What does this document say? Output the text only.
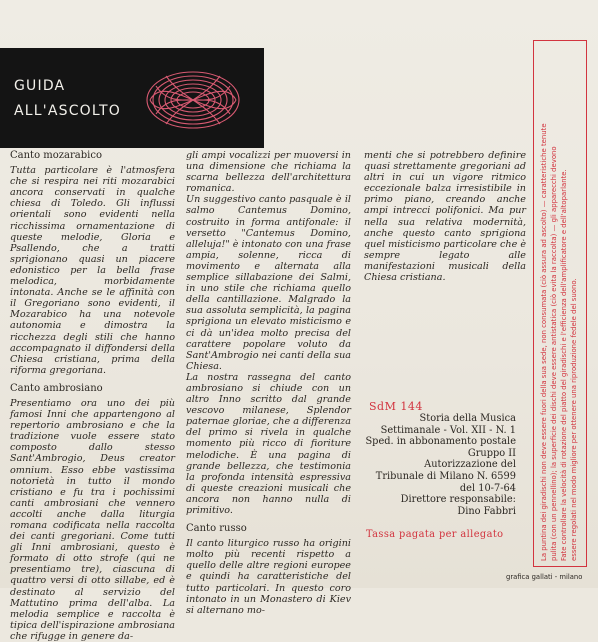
GUIDA
ALL'ASCOLTO
Canto mozarabico

Tutta particolare è l'atmosfera che si respira nei riti mozarabici ancora conservati in qualche chiesa di Toledo. Gli influssi orientali sono evidenti nella ricchissima ornamentazione di queste melodie, Gloria e Psallendo, che a tratti sprigionano quasi un piacere edonistico per la bella frase melodica, morbidamente intonata. Anche se le affinità con il Gregoriano sono evidenti, il Mozarabico ha una notevole autonomia e dimostra la ricchezza degli stili che hanno accompagnato il diffondersi della Chiesa cristiana, prima della riforma gregoriana.

Canto ambrosiano

Presentiamo ora uno dei più famosi Inni che appartengono al repertorio ambrosiano e che la tradizione vuole essere stato composto dallo stesso Sant'Ambrogio, Deus creator omnium. Esso ebbe vastissima notorietà in tutto il mondo cristiano e fu tra i pochissimi canti ambrosiani che vennero accolti anche dalla liturgia romana codificata nella raccolta dei canti gregoriani. Come tutti gli Inni ambrosiani, questo è formato di otto strofe (qui ne presentiamo tre), ciascuna di quattro versi di otto sillabe, ed è destinato al servizio del Mattutino prima dell'alba. La melodia semplice e raccolta è tipica dell'ispirazione ambrosiana che rifugge in genere da-

gli ampi vocalizzi per muoversi in una dimensione che richiama la scarna bellezza dell'architettura romanica.

Un suggestivo canto pasquale è il salmo Cantemus Domino, costruito in forma antifonale: il versetto "Cantemus Domino, alleluja!" è intonato con una frase ampia, solenne, ricca di movimento e alternata alla semplice sillabazione dei Salmi, in uno stile che richiama quello della cantillazione. Malgrado la sua assoluta semplicità, la pagina sprigiona un elevato misticismo e ci dà un'idea molto precisa del carattere popolare voluto da Sant'Ambrogio nei canti della sua Chiesa.

La nostra rassegna del canto ambrosiano si chiude con un altro Inno scritto dal grande vescovo milanese, Splendor paternae gloriae, che a differenza del primo si rivela in qualche momento più ricco di fioriture melodiche. È una pagina di grande bellezza, che testimonia la profonda intensità espressiva di queste creazioni musicali che ancora non hanno nulla di primitivo.

Canto russo

Il canto liturgico russo ha origini molto più recenti rispetto a quello delle altre regioni europee e quindi ha caratteristiche del tutto particolari. In questo coro intonato in un Monastero di Kiev si alternano mo-

menti che si potrebbero definire quasi strettamente gregoriani ad altri in cui un vigore ritmico eccezionale balza irresistibile in primo piano, creando anche ampi intrecci polifonici. Ma pur nella sua relativa modernità, anche questo canto sprigiona quel misticismo particolare che è sempre legato alle manifestazioni musicali della Chiesa cristiana.

SdM 144
Storia della Musica
Settimanale - Vol. XII - N. 1
Sped. in abbonamento postale
Gruppo II
Autorizzazione del
Tribunale di Milano N. 6599
del 10-7-64
Direttore responsabile:
Dino Fabbri
Tassa pagata per allegato	La puntina dei giradischi non deve essere fuori della sua sede, non consumata (ciò assura ad ascolto) — caratteristiche tenute pulita (con un pennellino); la superficie dei dischi deve essere antistatica (ciò evita la raccolta) — gli apparecchi devono Fate controllare la velocità di rotazione del piatto del giradischi e l'efficienza dell'amplificatore e dell'altoparlante. essere regolati nel modo migliore per ottenere una riproduzione fedele del suono.
grafica gallati - milano
